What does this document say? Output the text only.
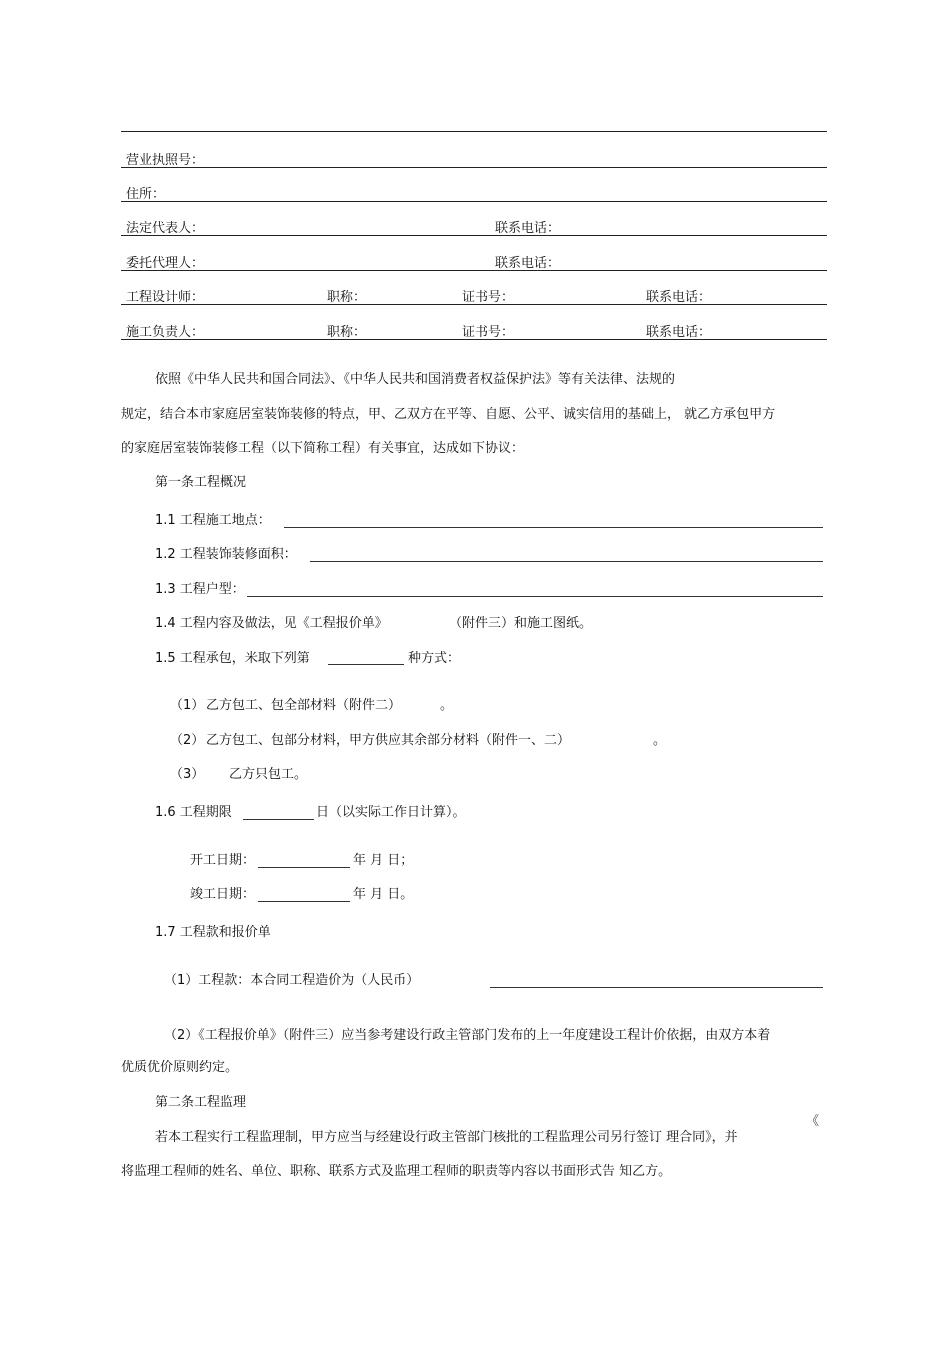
营业执照号：
住所：
法定代表人：	联系电话：
委托代理人：	联系电话：
工程设计师：	职称：	证书号：	联系电话：
施工负责人：	职称：	证书号：	联系电话：
依照《中华人民共和国合同法》、《中华人民共和国消费者权益保护法》等有关法律、法规的
规定，结合本市家庭居室装饰装修的特点，甲、乙双方在平等、自愿、公平、诚实信用的基础上， 就乙方承包甲方
的家庭居室装饰装修工程（以下简称工程）有关事宜，达成如下协议：
第一条工程概况
1.1 工程施工地点：
1.2 工程装饰装修面积：
1.3 工程户型：
1.4 工程内容及做法，见《工程报价单》	（附件三）和施工图纸。
1.5 工程承包，米取下列第	种方式：
（1） 乙方包工、包全部材料（附件二）	。
（2） 乙方包工、包部分材料，甲方供应其余部分材料（附件一、二）	。
（3） 乙方只包工。
1.6 工程期限	日（以实际工作日计算）。
开工日期：	年 月 日；
竣工日期：	年 月 日。
1.7 工程款和报价单
（1）工程款：本合同工程造价为（人民币）
（2）《工程报价单》（附件三）应当参考建设行政主管部门发布的上一年度建设工程计价依据，由双方本着
优质优价原则约定。
第二条工程监理
《
若本工程实行工程监理制，甲方应当与经建设行政主管部门核批的工程监理公司另行签订 理合同》，并
将监理工程师的姓名、单位、职称、联系方式及监理工程师的职责等内容以书面形式告 知乙方。
